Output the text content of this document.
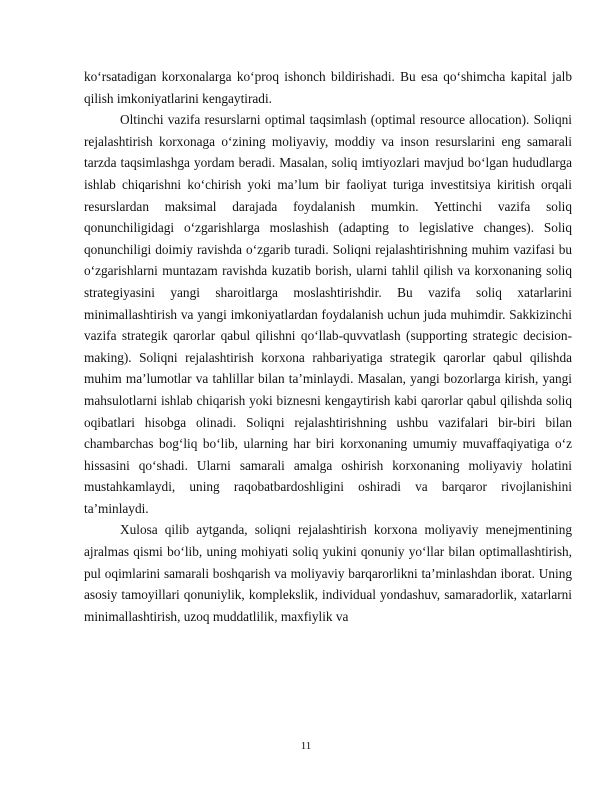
ko‘rsatadigan korxonalarga ko‘proq ishonch bildirishadi. Bu esa qo‘shimcha kapital jalb qilish imkoniyatlarini kengaytiradi.

Oltinchi vazifa resurslarni optimal taqsimlash (optimal resource allocation). Soliqni rejalashtirish korxonaga o‘zining moliyaviy, moddiy va inson resurslarini eng samarali tarzda taqsimlashga yordam beradi. Masalan, soliq imtiyozlari mavjud bo‘lgan hududlarga ishlab chiqarishni ko‘chirish yoki ma’lum bir faoliyat turiga investitsiya kiritish orqali resurslardan maksimal darajada foydalanish mumkin. Yettinchi vazifa soliq qonunchiligidagi o‘zgarishlarga moslashish (adapting to legislative changes). Soliq qonunchiligi doimiy ravishda o‘zgarib turadi. Soliqni rejalashtirishning muhim vazifasi bu o‘zgarishlarni muntazam ravishda kuzatib borish, ularni tahlil qilish va korxonaning soliq strategiyasini yangi sharoitlarga moslashtirishdir. Bu vazifa soliq xatarlarini minimallashtirish va yangi imkoniyatlardan foydalanish uchun juda muhimdir. Sakkizinchi vazifa strategik qarorlar qabul qilishni qo‘llab-quvvatlash (supporting strategic decision-making). Soliqni rejalashtirish korxona rahbariyatiga strategik qarorlar qabul qilishda muhim ma’lumotlar va tahlillar bilan ta’minlaydi. Masalan, yangi bozorlarga kirish, yangi mahsulotlarni ishlab chiqarish yoki biznesni kengaytirish kabi qarorlar qabul qilishda soliq oqibatlari hisobga olinadi. Soliqni rejalashtirishning ushbu vazifalari bir-biri bilan chambarchas bog‘liq bo‘lib, ularning har biri korxonaning umumiy muvaffaqiyatiga o‘z hissasini qo‘shadi. Ularni samarali amalga oshirish korxonaning moliyaviy holatini mustahkamlaydi, uning raqobatbardoshligini oshiradi va barqaror rivojlanishini ta’minlaydi.

Xulosa qilib aytganda, soliqni rejalashtirish korxona moliyaviy menejmentining ajralmas qismi bo‘lib, uning mohiyati soliq yukini qonuniy yo‘llar bilan optimallashtirish, pul oqimlarini samarali boshqarish va moliyaviy barqarorlikni ta’minlashdan iborat. Uning asosiy tamoyillari qonuniylik, komplekslik, individual yondashuv, samaradorlik, xatarlarni minimallashtirish, uzoq muddatlilik, maxfiylik va

11
